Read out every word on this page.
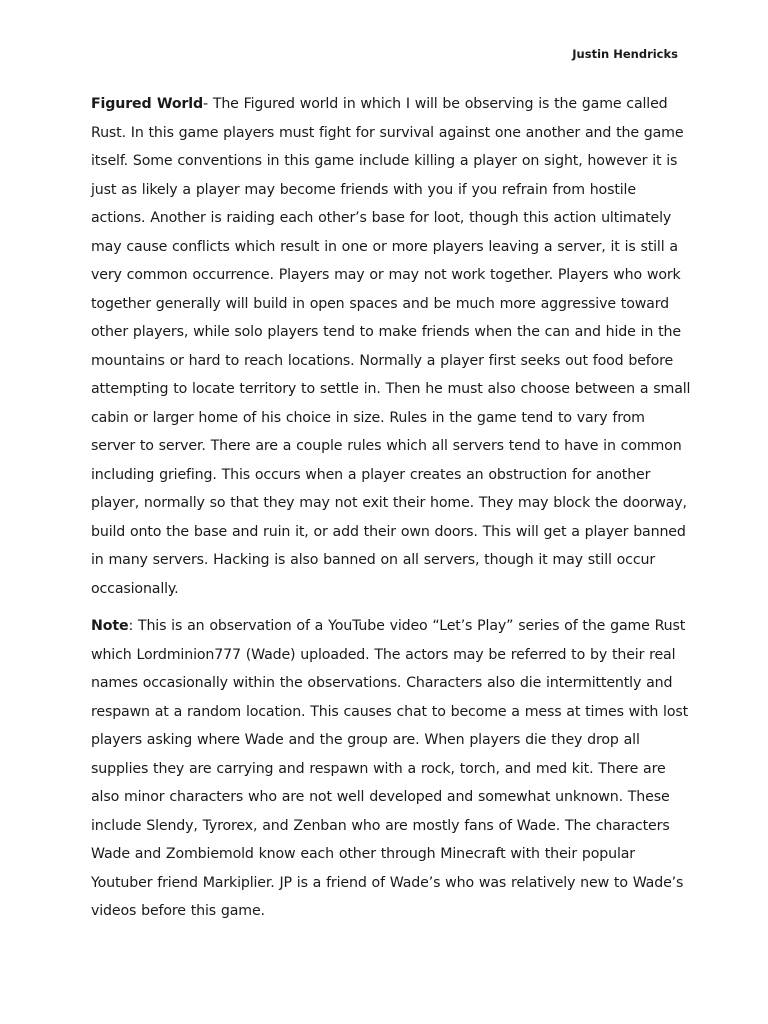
Justin Hendricks

Figured World- The Figured world in which I will be observing is the game called Rust. In this game players must fight for survival against one another and the game itself. Some conventions in this game include killing a player on sight, however it is just as likely a player may become friends with you if you refrain from hostile actions. Another is raiding each other’s base for loot, though this action ultimately may cause conflicts which result in one or more players leaving a server, it is still a very common occurrence. Players may or may not work together. Players who work together generally will build in open spaces and be much more aggressive toward other players, while solo players tend to make friends when the can and hide in the mountains or hard to reach locations. Normally a player first seeks out food before attempting to locate territory to settle in. Then he must also choose between a small cabin or larger home of his choice in size. Rules in the game tend to vary from server to server. There are a couple rules which all servers tend to have in common including griefing. This occurs when a player creates an obstruction for another player, normally so that they may not exit their home. They may block the doorway, build onto the base and ruin it, or add their own doors. This will get a player banned in many servers. Hacking is also banned on all servers, though it may still occur occasionally.

Note: This is an observation of a YouTube video “Let’s Play” series of the game Rust which Lordminion777 (Wade) uploaded. The actors may be referred to by their real names occasionally within the observations. Characters also die intermittently and respawn at a random location. This causes chat to become a mess at times with lost players asking where Wade and the group are. When players die they drop all supplies they are carrying and respawn with a rock, torch, and med kit. There are also minor characters who are not well developed and somewhat unknown. These include Slendy, Tyrorex, and Zenban who are mostly fans of Wade. The characters Wade and Zombiemold know each other through Minecraft with their popular Youtuber friend Markiplier. JP is a friend of Wade’s who was relatively new to Wade’s videos before this game.
